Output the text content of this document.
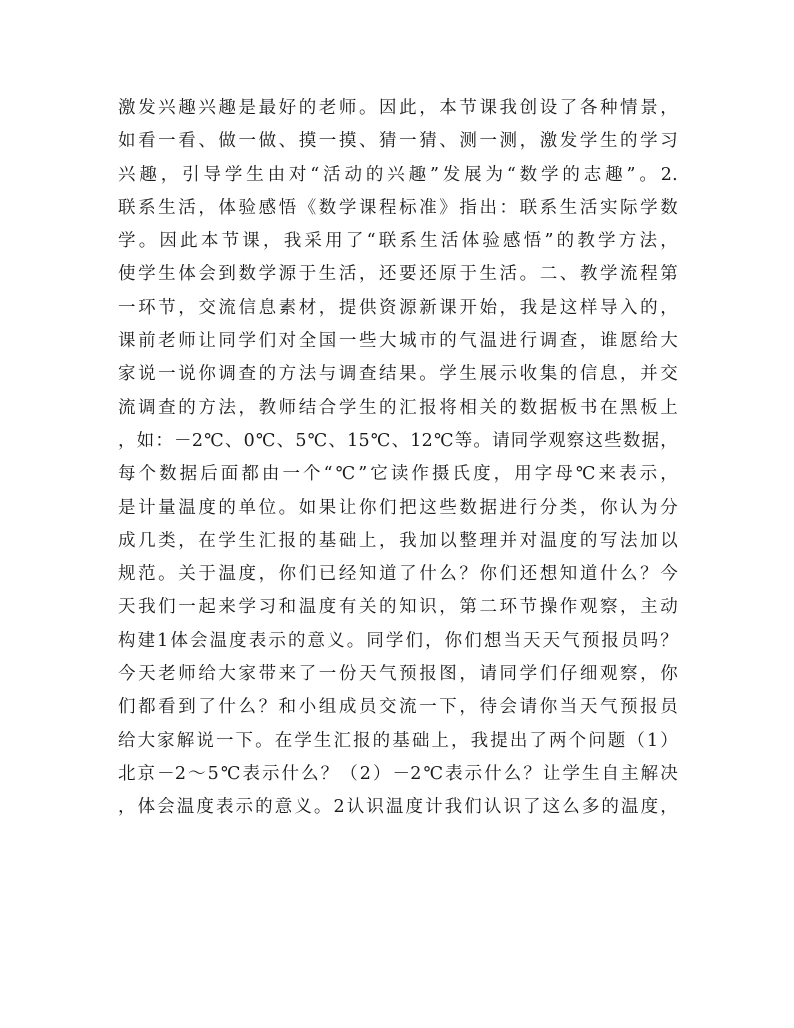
激发兴趣兴趣是最好的老师。因此，本节课我创设了各种情景，
如看一看、做一做、摸一摸、猜一猜、测一测，激发学生的学习
兴趣，引导学生由对“活动的兴趣”发展为“数学的志趣”。2.
联系生活，体验感悟《数学课程标准》指出：联系生活实际学数
学。因此本节课，我采用了“联系生活体验感悟”的教学方法，
使学生体会到数学源于生活，还要还原于生活。二、教学流程第
一环节，交流信息素材，提供资源新课开始，我是这样导入的，
课前老师让同学们对全国一些大城市的气温进行调查，谁愿给大
家说一说你调查的方法与调查结果。学生展示收集的信息，并交
流调查的方法，教师结合学生的汇报将相关的数据板书在黑板上
，如：－2℃、0℃、5℃、15℃、12℃等。请同学观察这些数据，
每个数据后面都由一个“℃”它读作摄氏度，用字母℃来表示，
是计量温度的单位。如果让你们把这些数据进行分类，你认为分
成几类，在学生汇报的基础上，我加以整理并对温度的写法加以
规范。关于温度，你们已经知道了什么？你们还想知道什么？今
天我们一起来学习和温度有关的知识，第二环节操作观察，主动
构建1体会温度表示的意义。同学们，你们想当天天气预报员吗？
今天老师给大家带来了一份天气预报图，请同学们仔细观察，你
们都看到了什么？和小组成员交流一下，待会请你当天气预报员
给大家解说一下。在学生汇报的基础上，我提出了两个问题（1）
北京－2～5℃表示什么？（2）－2℃表示什么？让学生自主解决
，体会温度表示的意义。2认识温度计我们认识了这么多的温度，
